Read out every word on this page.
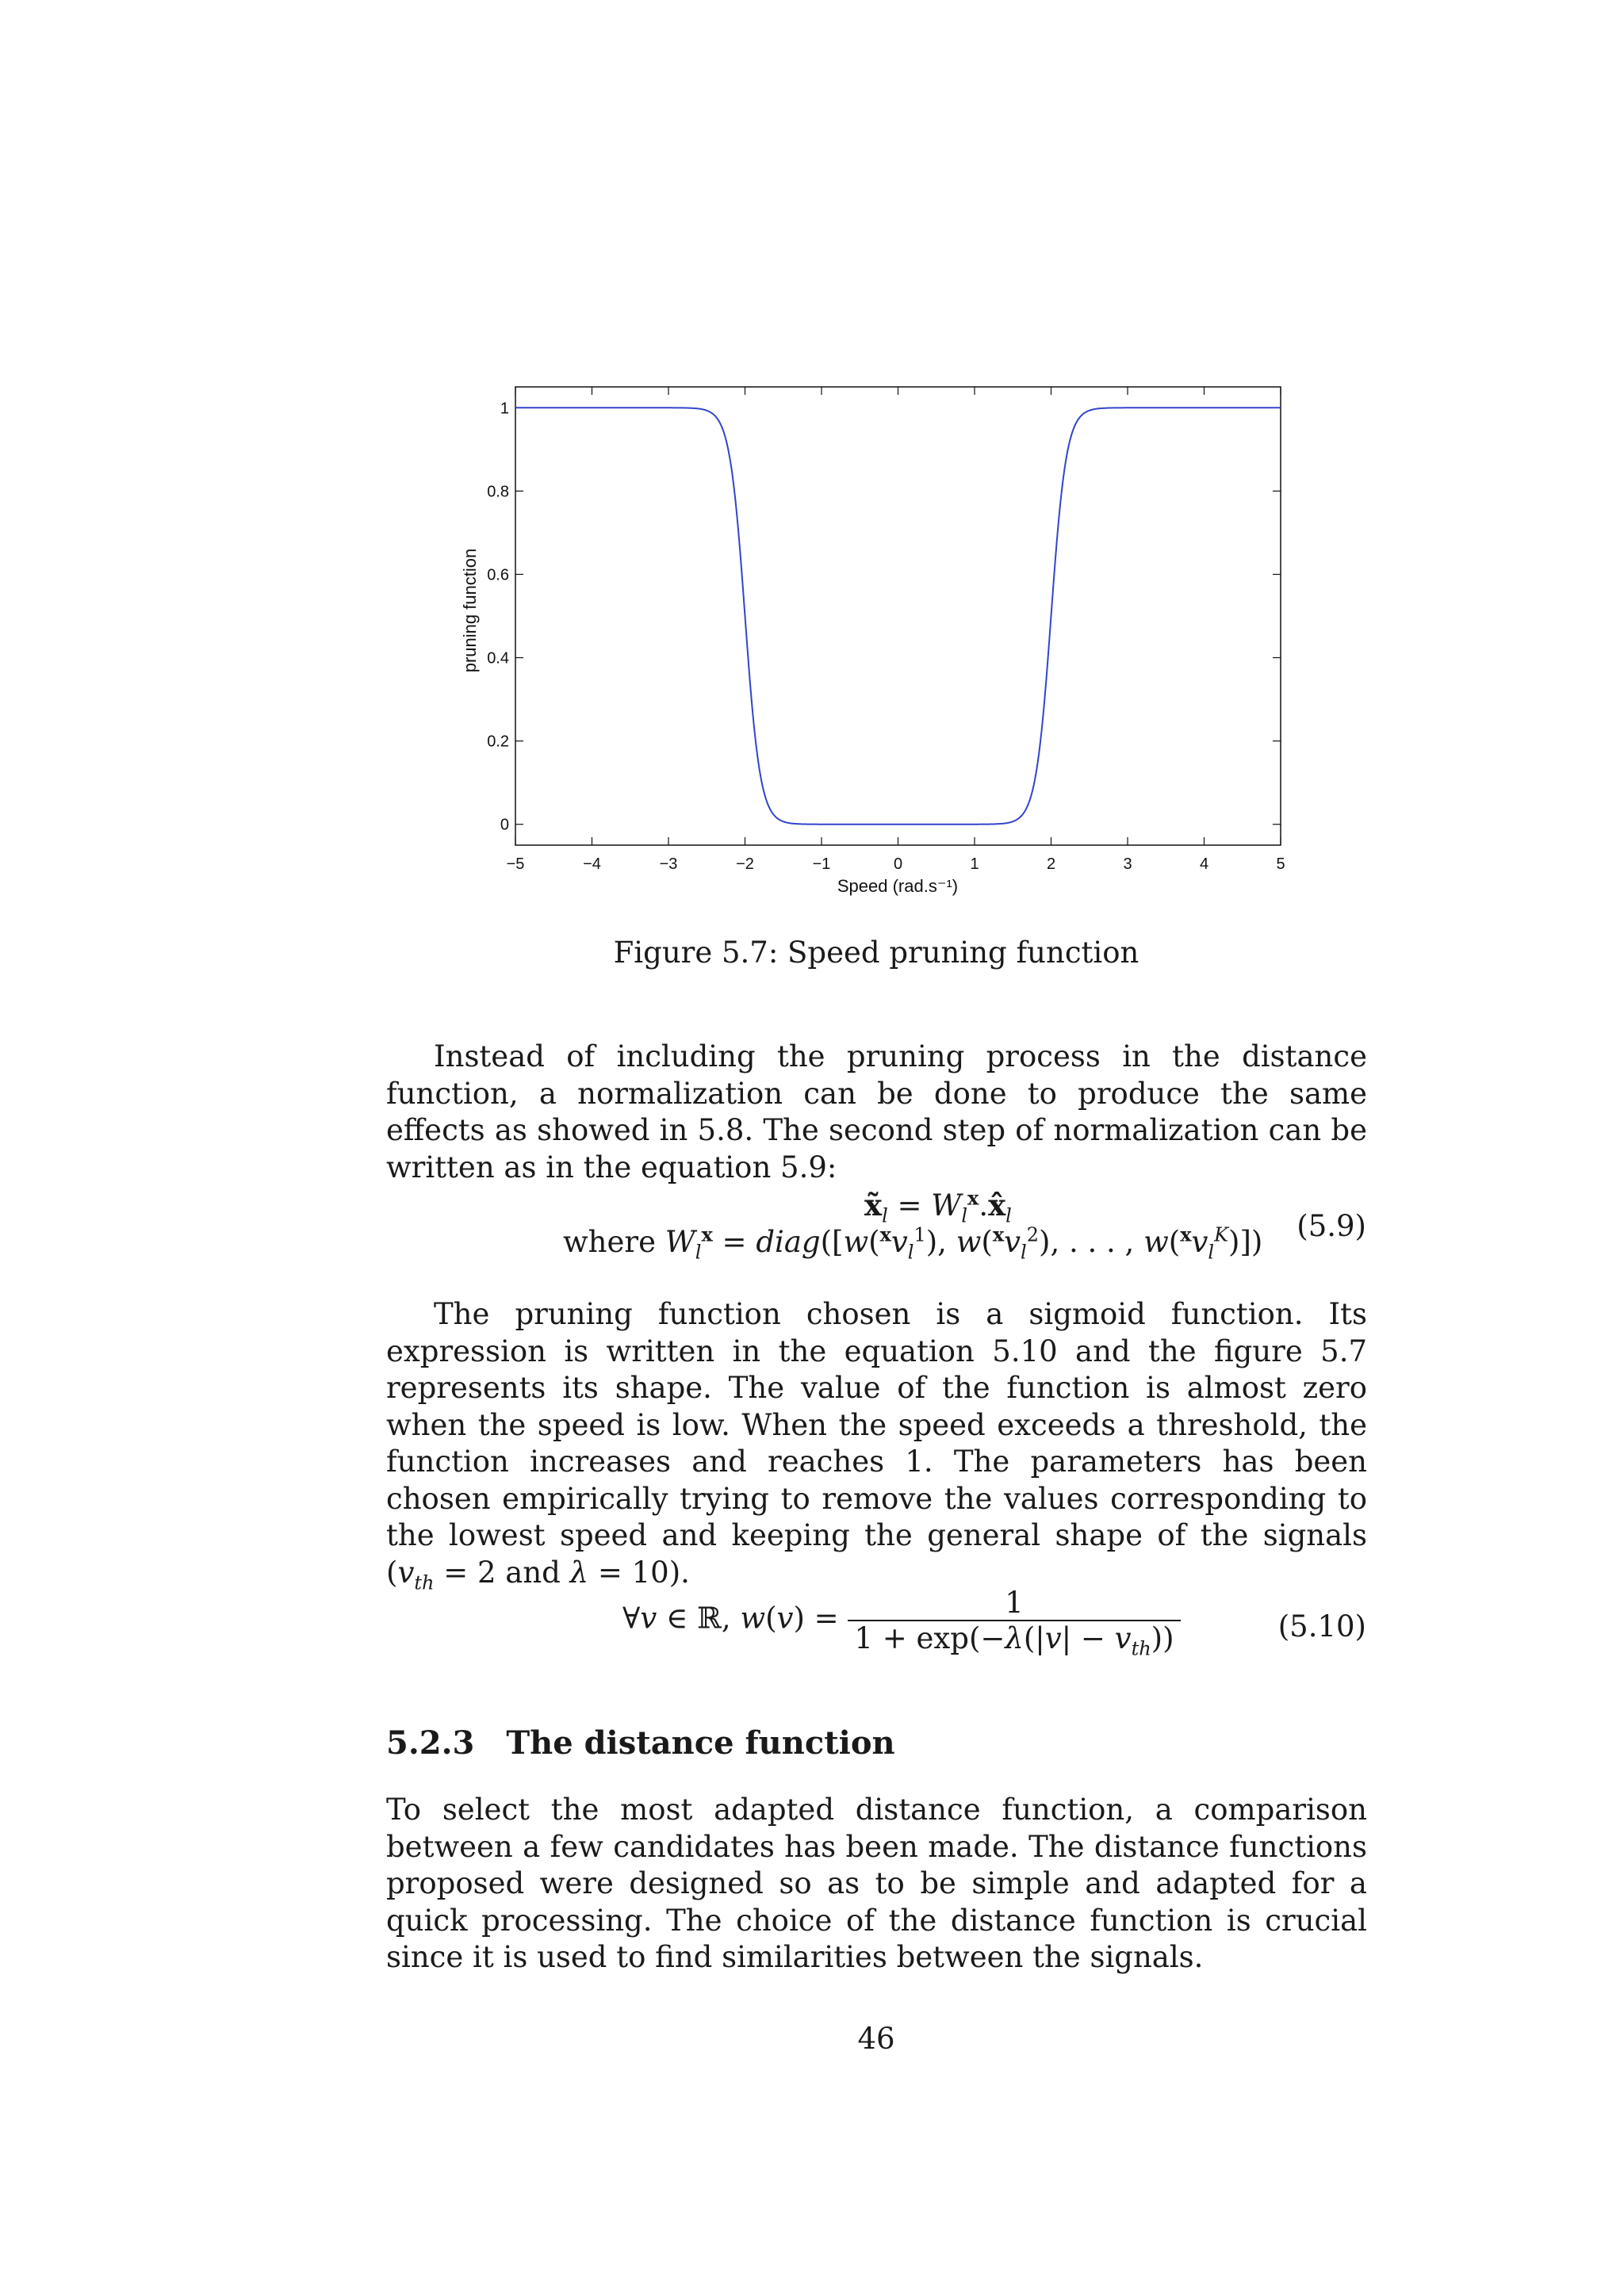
−5	−4	−3	−2	−1	0	1	2	3	4	5
0
0.2
0.4
0.6
0.8
1
Speed (rad.s⁻¹)
pruning function
Figure 5.7: Speed pruning function
Instead of including the pruning process in the distance function, a normalization can be done to produce the same effects as showed in 5.8. The second step of normalization can be written as in the equation 5.9:
$x̃_l$ = $W_l^x.x̂_l$
where $W_l^x$ = $diag([w(^xv_l^1)$, $w(^xv_l^2)$, . . . , $w(^xv_l^K)$]) (5.9)
The pruning function chosen is a sigmoid function. Its expression is written in the equation 5.10 and the figure 5.7 represents its shape. The value of the function is almost zero when the speed is low. When the speed exceeds a threshold, the function increases and reaches 1. The parameters has been chosen empirically trying to remove the values corresponding to the lowest speed and keeping the general shape of the signals ($v_{th} = 2$ and λ = 10).
∀v ∈ ℝ, $w(v) = \frac{1}{1 + \exp(-\lambda(|v| - v_{th}))}$	(5.10)
5.2.3 The distance function
To select the most adapted distance function, a comparison between a few candidates has been made. The distance functions proposed were designed so as to be simple and adapted for a quick processing. The choice of the distance function is crucial since it is used to find similarities between the signals.
46
